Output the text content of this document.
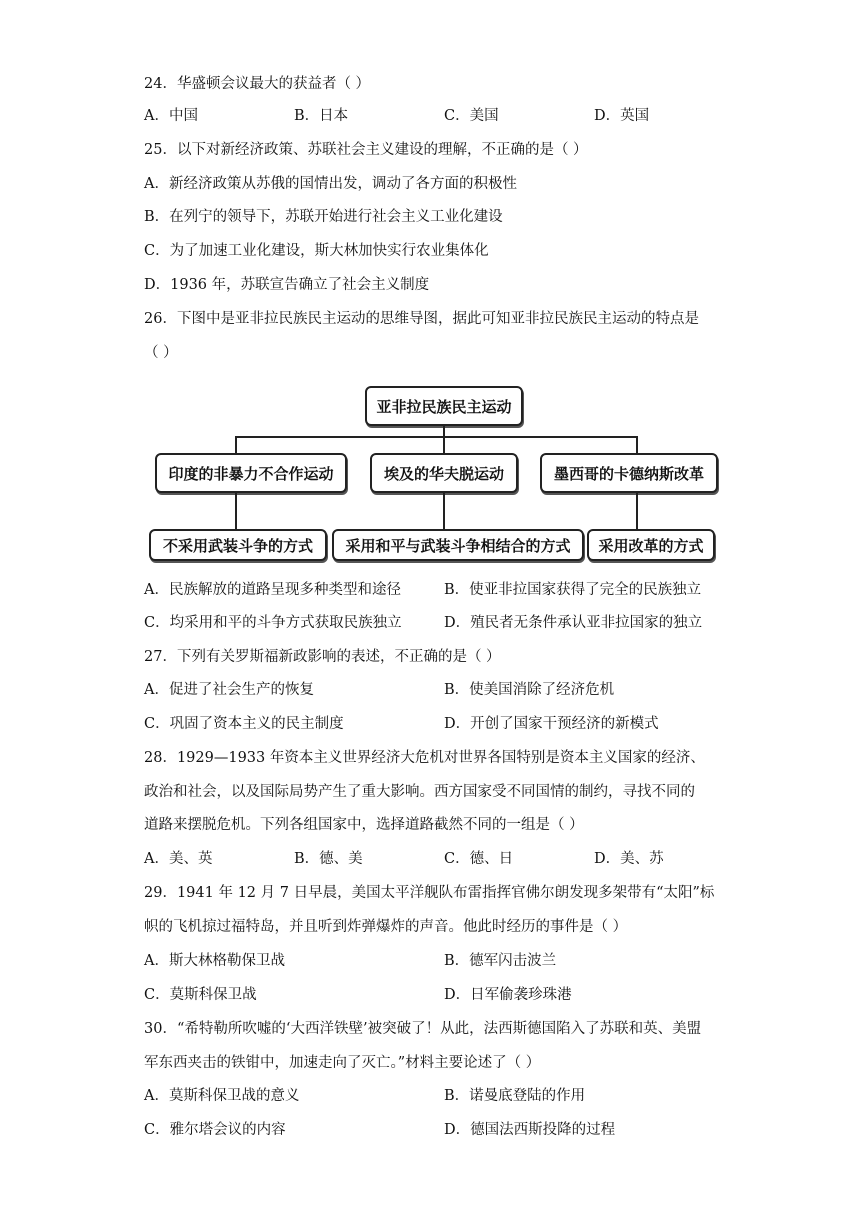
24．华盛顿会议最大的获益者（ ）
A．中国	B．日本	C．美国	D．英国
25．以下对新经济政策、苏联社会主义建设的理解，不正确的是（ ）
A．新经济政策从苏俄的国情出发，调动了各方面的积极性
B．在列宁的领导下，苏联开始进行社会主义工业化建设
C．为了加速工业化建设，斯大林加快实行农业集体化
D．1936 年，苏联宣告确立了社会主义制度
26．下图中是亚非拉民族民主运动的思维导图，据此可知亚非拉民族民主运动的特点是
（ ）
亚非拉民族民主运动
印度的非暴力不合作运动	埃及的华夫脱运动	墨西哥的卡德纳斯改革
不采用武装斗争的方式	采用和平与武装斗争相结合的方式	采用改革的方式
A．民族解放的道路呈现多种类型和途径	B．使亚非拉国家获得了完全的民族独立
C．均采用和平的斗争方式获取民族独立	D．殖民者无条件承认亚非拉国家的独立
27．下列有关罗斯福新政影响的表述，不正确的是（ ）
A．促进了社会生产的恢复	B．使美国消除了经济危机
C．巩固了资本主义的民主制度	D．开创了国家干预经济的新模式
28．1929—1933 年资本主义世界经济大危机对世界各国特别是资本主义国家的经济、
政治和社会，以及国际局势产生了重大影响。西方国家受不同国情的制约，寻找不同的
道路来摆脱危机。下列各组国家中，选择道路截然不同的一组是（ ）
A．美、英	B．德、美	C．德、日	D．美、苏
29．1941 年 12 月 7 日早晨，美国太平洋舰队布雷指挥官佛尔朗发现多架带有“太阳”标
帜的飞机掠过福特岛，并且听到炸弹爆炸的声音。他此时经历的事件是（ ）
A．斯大林格勒保卫战	B．德军闪击波兰
C．莫斯科保卫战	D．日军偷袭珍珠港
30．“希特勒所吹嘘的‘大西洋铁壁’被突破了！从此，法西斯德国陷入了苏联和英、美盟
军东西夹击的铁钳中，加速走向了灭亡。”材料主要论述了（ ）
A．莫斯科保卫战的意义	B．诺曼底登陆的作用
C．雅尔塔会议的内容	D．德国法西斯投降的过程
